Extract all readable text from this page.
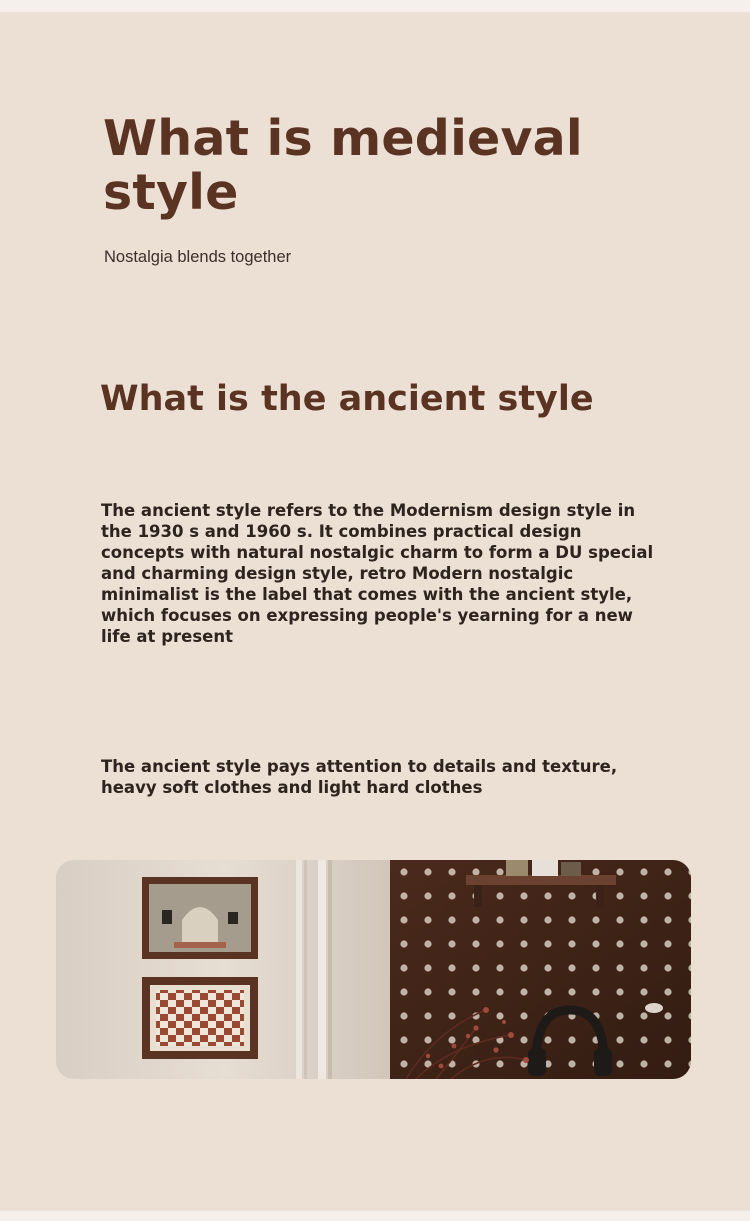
What is medieval style

Nostalgia blends together

What is the ancient style

The ancient style refers to the Modernism design style in the 1930 s and 1960 s. It combines practical design concepts with natural nostalgic charm to form a DU special and charming design style, retro Modern nostalgic minimalist is the label that comes with the ancient style, which focuses on expressing people's yearning for a new life at present

The ancient style pays attention to details and texture, heavy soft clothes and light hard clothes
